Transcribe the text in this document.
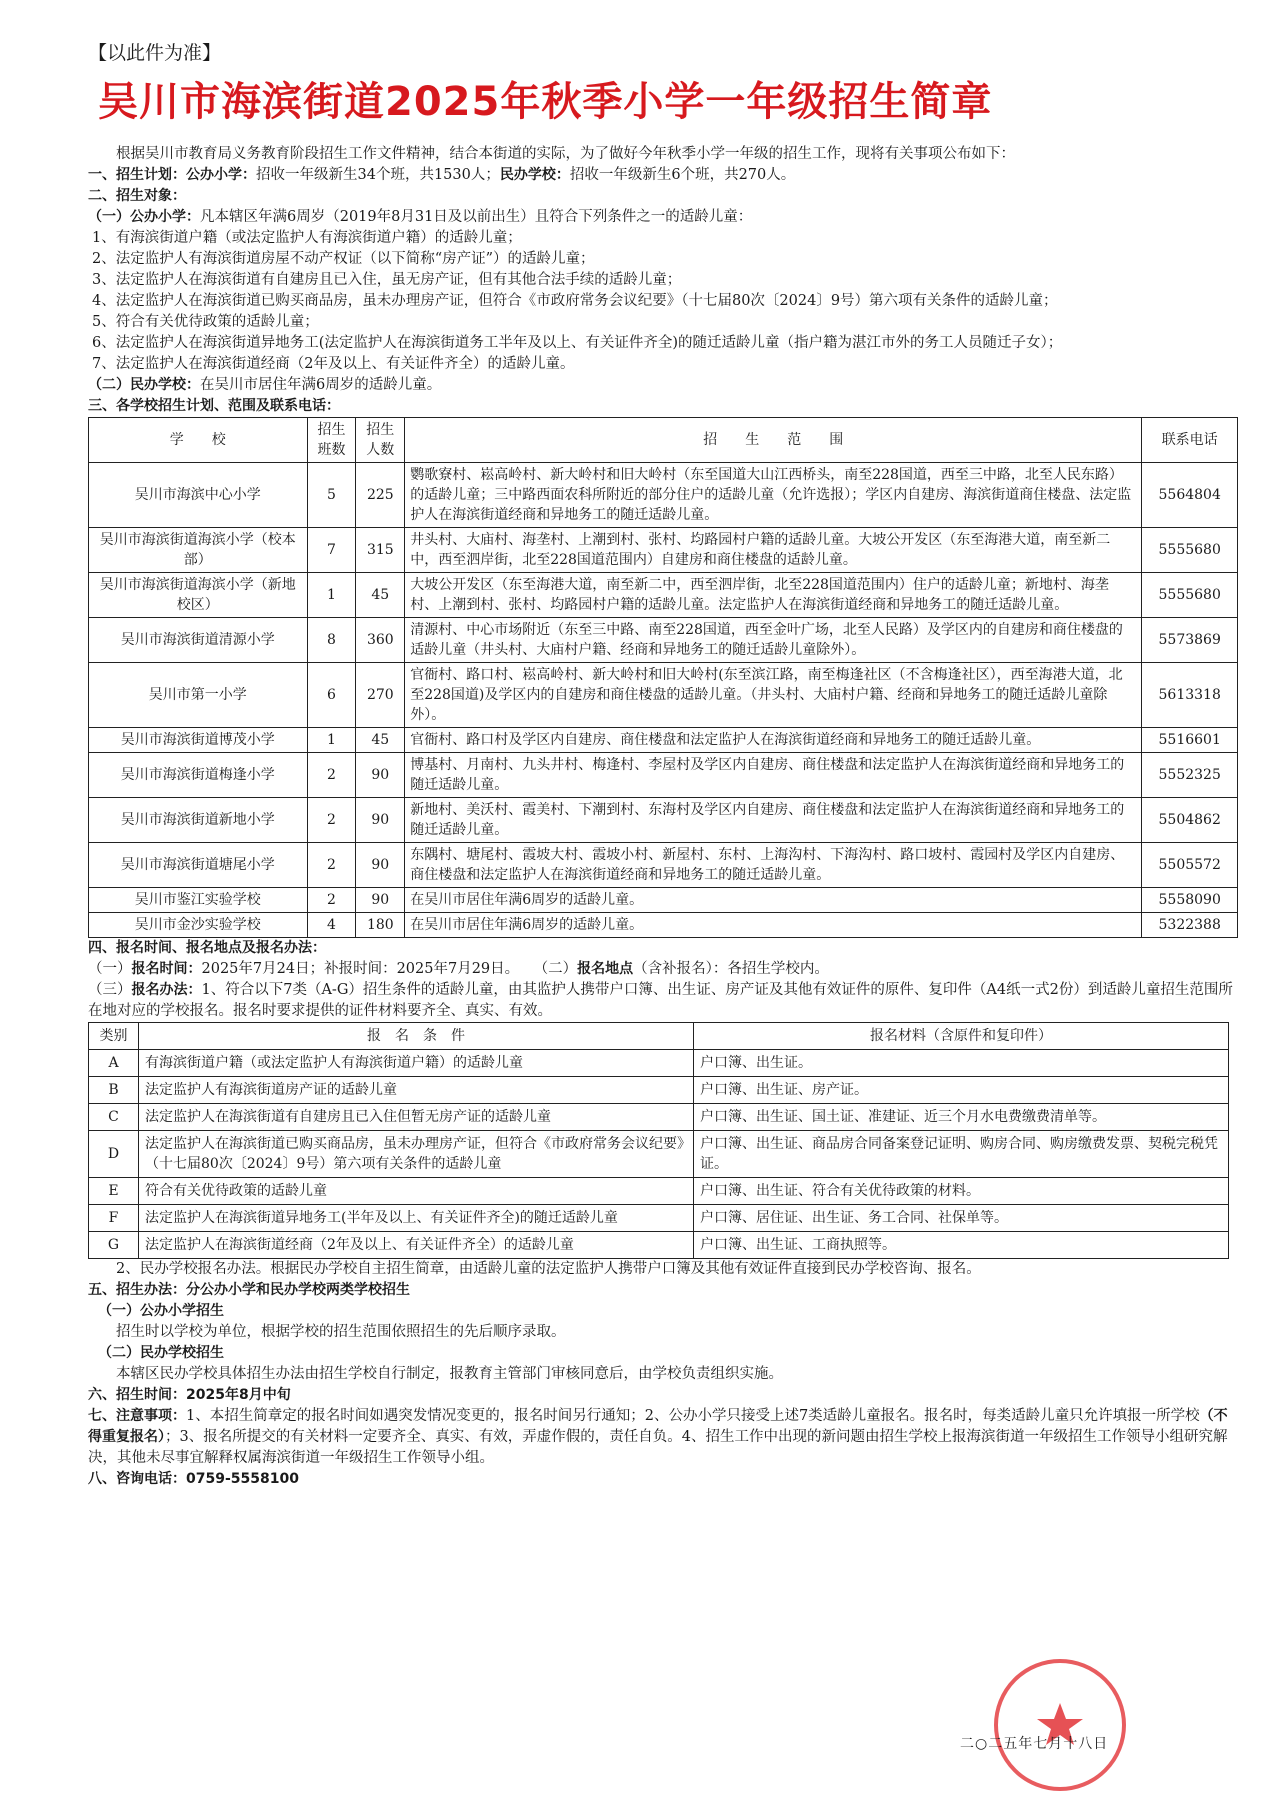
【以此件为准】
吴川市海滨街道2025年秋季小学一年级招生简章

根据吴川市教育局义务教育阶段招生工作文件精神，结合本街道的实际，为了做好今年秋季小学一年级的招生工作，现将有关事项公布如下：

一、招生计划：公办小学：招收一年级新生34个班，共1530人；民办学校：招收一年级新生6个班，共270人。

二、招生对象：

（一）公办小学：凡本辖区年满6周岁（2019年8月31日及以前出生）且符合下列条件之一的适龄儿童：

1、有海滨街道户籍（或法定监护人有海滨街道户籍）的适龄儿童；

2、法定监护人有海滨街道房屋不动产权证（以下简称“房产证”）的适龄儿童；

3、法定监护人在海滨街道有自建房且已入住，虽无房产证，但有其他合法手续的适龄儿童；

4、法定监护人在海滨街道已购买商品房，虽未办理房产证，但符合《市政府常务会议纪要》（十七届80次〔2024〕9号）第六项有关条件的适龄儿童；

5、符合有关优待政策的适龄儿童；

6、法定监护人在海滨街道异地务工(法定监护人在海滨街道务工半年及以上、有关证件齐全)的随迁适龄儿童（指户籍为湛江市外的务工人员随迁子女）；

7、法定监护人在海滨街道经商（2年及以上、有关证件齐全）的适龄儿童。

（二）民办学校：在吴川市居住年满6周岁的适龄儿童。

三、各学校招生计划、范围及联系电话：

学　　校	招生班数	招生人数	招　　生　　范　　围	联系电话
吴川市海滨中心小学	5	225	鹦歌寮村、崧高岭村、新大岭村和旧大岭村（东至国道大山江西桥头，南至228国道，西至三中路，北至人民东路）的适龄儿童；三中路西面农科所附近的部分住户的适龄儿童（允许选报）；学区内自建房、海滨街道商住楼盘、法定监护人在海滨街道经商和异地务工的随迁适龄儿童。	5564804
吴川市海滨街道海滨小学（校本部）	7	315	井头村、大庙村、海垄村、上潮到村、张村、均路园村户籍的适龄儿童。大坡公开发区（东至海港大道，南至新二中，西至泗岸街，北至228国道范围内）自建房和商住楼盘的适龄儿童。	5555680
吴川市海滨街道海滨小学（新地校区）	1	45	大坡公开发区（东至海港大道，南至新二中，西至泗岸街，北至228国道范围内）住户的适龄儿童；新地村、海垄村、上潮到村、张村、均路园村户籍的适龄儿童。法定监护人在海滨街道经商和异地务工的随迁适龄儿童。	5555680
吴川市海滨街道清源小学	8	360	清源村、中心市场附近（东至三中路、南至228国道，西至金叶广场，北至人民路）及学区内的自建房和商住楼盘的适龄儿童（井头村、大庙村户籍、经商和异地务工的随迁适龄儿童除外）。	5573869
吴川市第一小学	6	270	官衙村、路口村、崧高岭村、新大岭村和旧大岭村(东至滨江路，南至梅逢社区（不含梅逢社区），西至海港大道，北至228国道)及学区内的自建房和商住楼盘的适龄儿童。（井头村、大庙村户籍、经商和异地务工的随迁适龄儿童除外）。	5613318
吴川市海滨街道博茂小学	1	45	官衙村、路口村及学区内自建房、商住楼盘和法定监护人在海滨街道经商和异地务工的随迁适龄儿童。	5516601
吴川市海滨街道梅逢小学	2	90	博基村、月南村、九头井村、梅逢村、李屋村及学区内自建房、商住楼盘和法定监护人在海滨街道经商和异地务工的随迁适龄儿童。	5552325
吴川市海滨街道新地小学	2	90	新地村、美沃村、霞美村、下潮到村、东海村及学区内自建房、商住楼盘和法定监护人在海滨街道经商和异地务工的随迁适龄儿童。	5504862
吴川市海滨街道塘尾小学	2	90	东隅村、塘尾村、霞坡大村、霞坡小村、新屋村、东村、上海沟村、下海沟村、路口坡村、霞园村及学区内自建房、商住楼盘和法定监护人在海滨街道经商和异地务工的随迁适龄儿童。	5505572
吴川市鉴江实验学校	2	90	在吴川市居住年满6周岁的适龄儿童。	5558090
吴川市金沙实验学校	4	180	在吴川市居住年满6周岁的适龄儿童。	5322388

四、报名时间、报名地点及报名办法：

（一）报名时间：2025年7月24日；补报时间：2025年7月29日。  （二）报名地点（含补报名）：各招生学校内。

（三）报名办法：1、符合以下7类（A-G）招生条件的适龄儿童，由其监护人携带户口簿、出生证、房产证及其他有效证件的原件、复印件（A4纸一式2份）到适龄儿童招生范围所在地对应的学校报名。报名时要求提供的证件材料要齐全、真实、有效。

类别	报　名　条　件	报名材料（含原件和复印件）
A	有海滨街道户籍（或法定监护人有海滨街道户籍）的适龄儿童	户口簿、出生证。
B	法定监护人有海滨街道房产证的适龄儿童	户口簿、出生证、房产证。
C	法定监护人在海滨街道有自建房且已入住但暂无房产证的适龄儿童	户口簿、出生证、国土证、准建证、近三个月水电费缴费清单等。
D	法定监护人在海滨街道已购买商品房，虽未办理房产证，但符合《市政府常务会议纪要》（十七届80次〔2024〕9号）第六项有关条件的适龄儿童	户口簿、出生证、商品房合同备案登记证明、购房合同、购房缴费发票、契税完税凭证。
E	符合有关优待政策的适龄儿童	户口簿、出生证、符合有关优待政策的材料。
F	法定监护人在海滨街道异地务工(半年及以上、有关证件齐全)的随迁适龄儿童	户口簿、居住证、出生证、务工合同、社保单等。
G	法定监护人在海滨街道经商（2年及以上、有关证件齐全）的适龄儿童	户口簿、出生证、工商执照等。

2、民办学校报名办法。根据民办学校自主招生简章，由适龄儿童的法定监护人携带户口簿及其他有效证件直接到民办学校咨询、报名。

五、招生办法：分公办小学和民办学校两类学校招生

（一）公办小学招生

招生时以学校为单位，根据学校的招生范围依照招生的先后顺序录取。

（二）民办学校招生

本辖区民办学校具体招生办法由招生学校自行制定，报教育主管部门审核同意后，由学校负责组织实施。

六、招生时间：2025年8月中旬

七、注意事项：1、本招生简章定的报名时间如遇突发情况变更的，报名时间另行通知；2、公办小学只接受上述7类适龄儿童报名。报名时，每类适龄儿童只允许填报一所学校（不得重复报名）；3、报名所提交的有关材料一定要齐全、真实、有效，弄虚作假的，责任自负。4、招生工作中出现的新问题由招生学校上报海滨街道一年级招生工作领导小组研究解决，其他未尽事宜解释权属海滨街道一年级招生工作领导小组。

八、咨询电话：0759-5558100

二○二五年七月十八日
